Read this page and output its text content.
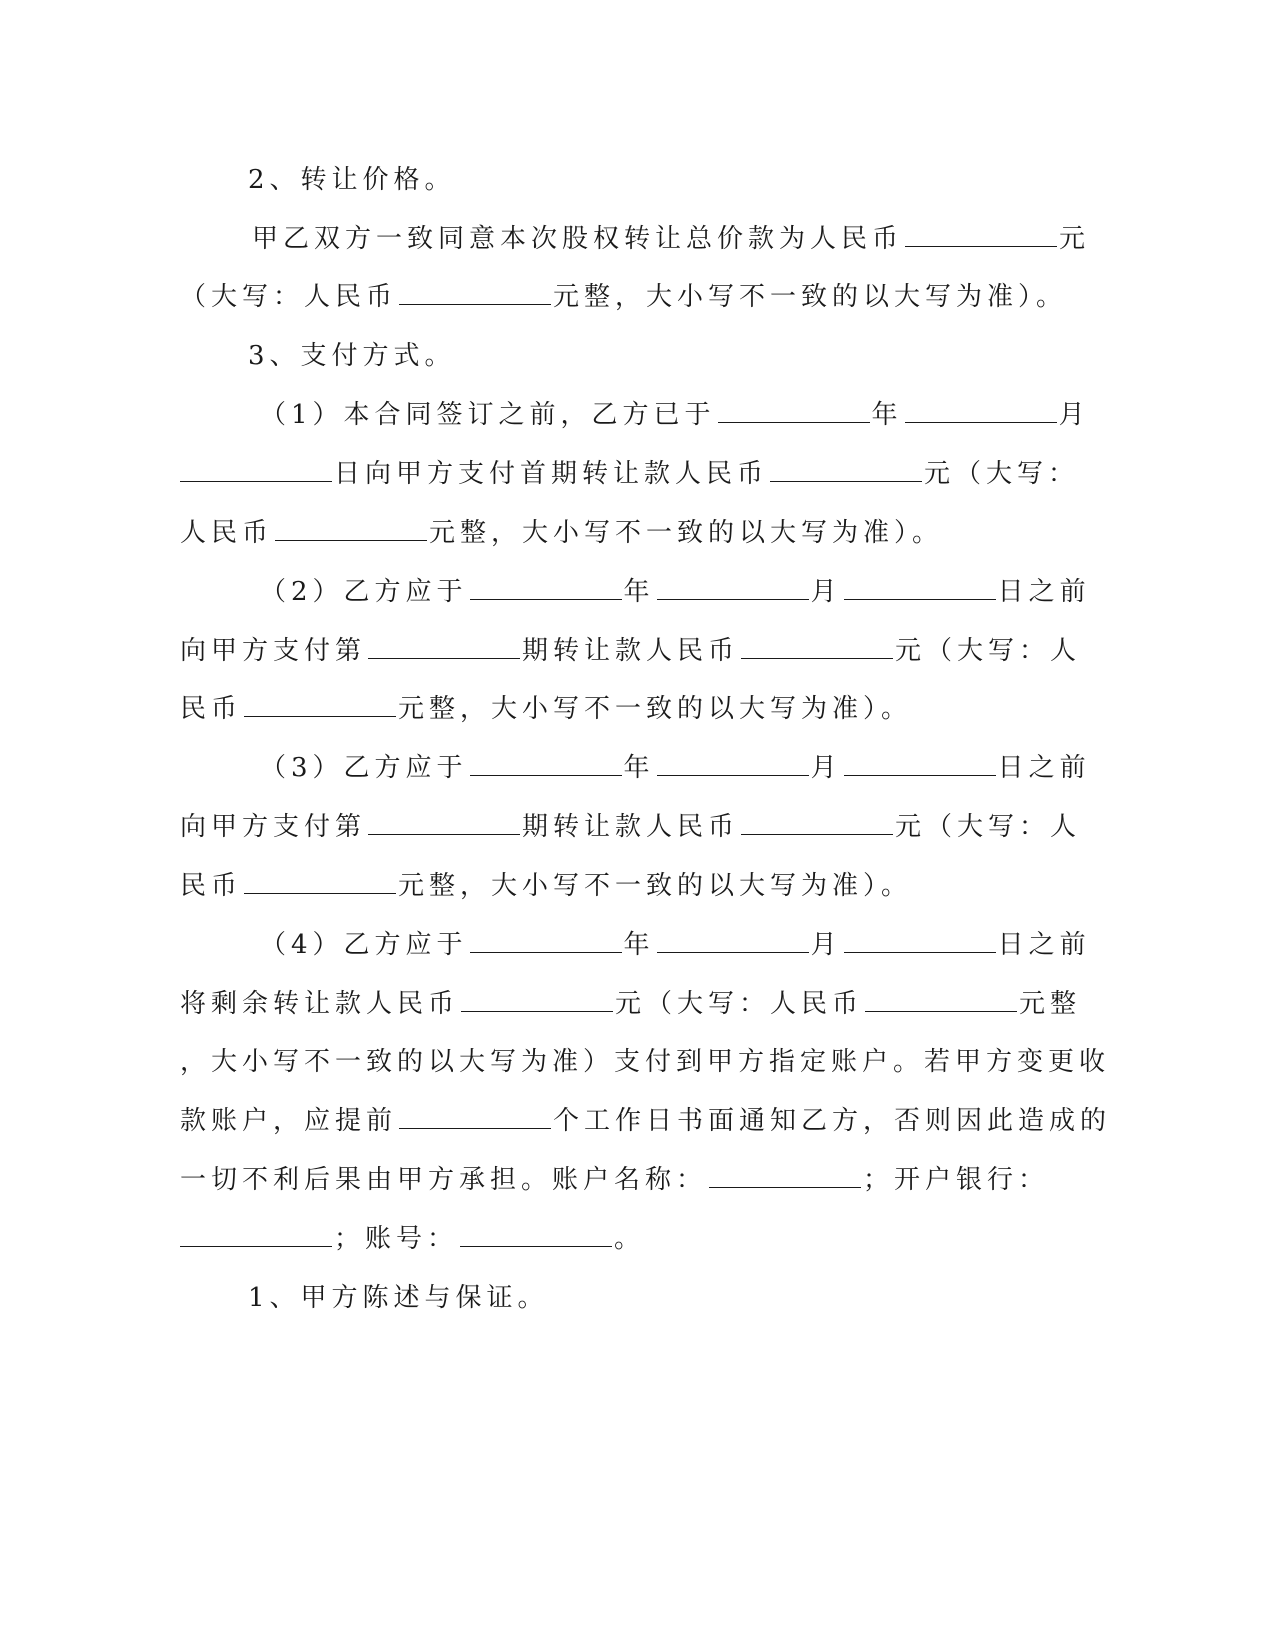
2、转让价格。
甲乙双方一致同意本次股权转让总价款为人民币	元
（大写：人民币	元整，大小写不一致的以大写为准）。
3、支付方式。
（1）本合同签订之前，乙方已于	年	月
日向甲方支付首期转让款人民币	元（大写：
人民币	元整，大小写不一致的以大写为准）。
（2）乙方应于	年	月	日之前
向甲方支付第	期转让款人民币	元（大写：人
民币	元整，大小写不一致的以大写为准）。
（3）乙方应于	年	月	日之前
向甲方支付第	期转让款人民币	元（大写：人
民币	元整，大小写不一致的以大写为准）。
（4）乙方应于	年	月	日之前
将剩余转让款人民币	元（大写：人民币	元整
，大小写不一致的以大写为准）支付到甲方指定账户。若甲方变更收
款账户，应提前	个工作日书面通知乙方，否则因此造成的
一切不利后果由甲方承担。账户名称：	；开户银行：
；账号：	。
1、甲方陈述与保证。
